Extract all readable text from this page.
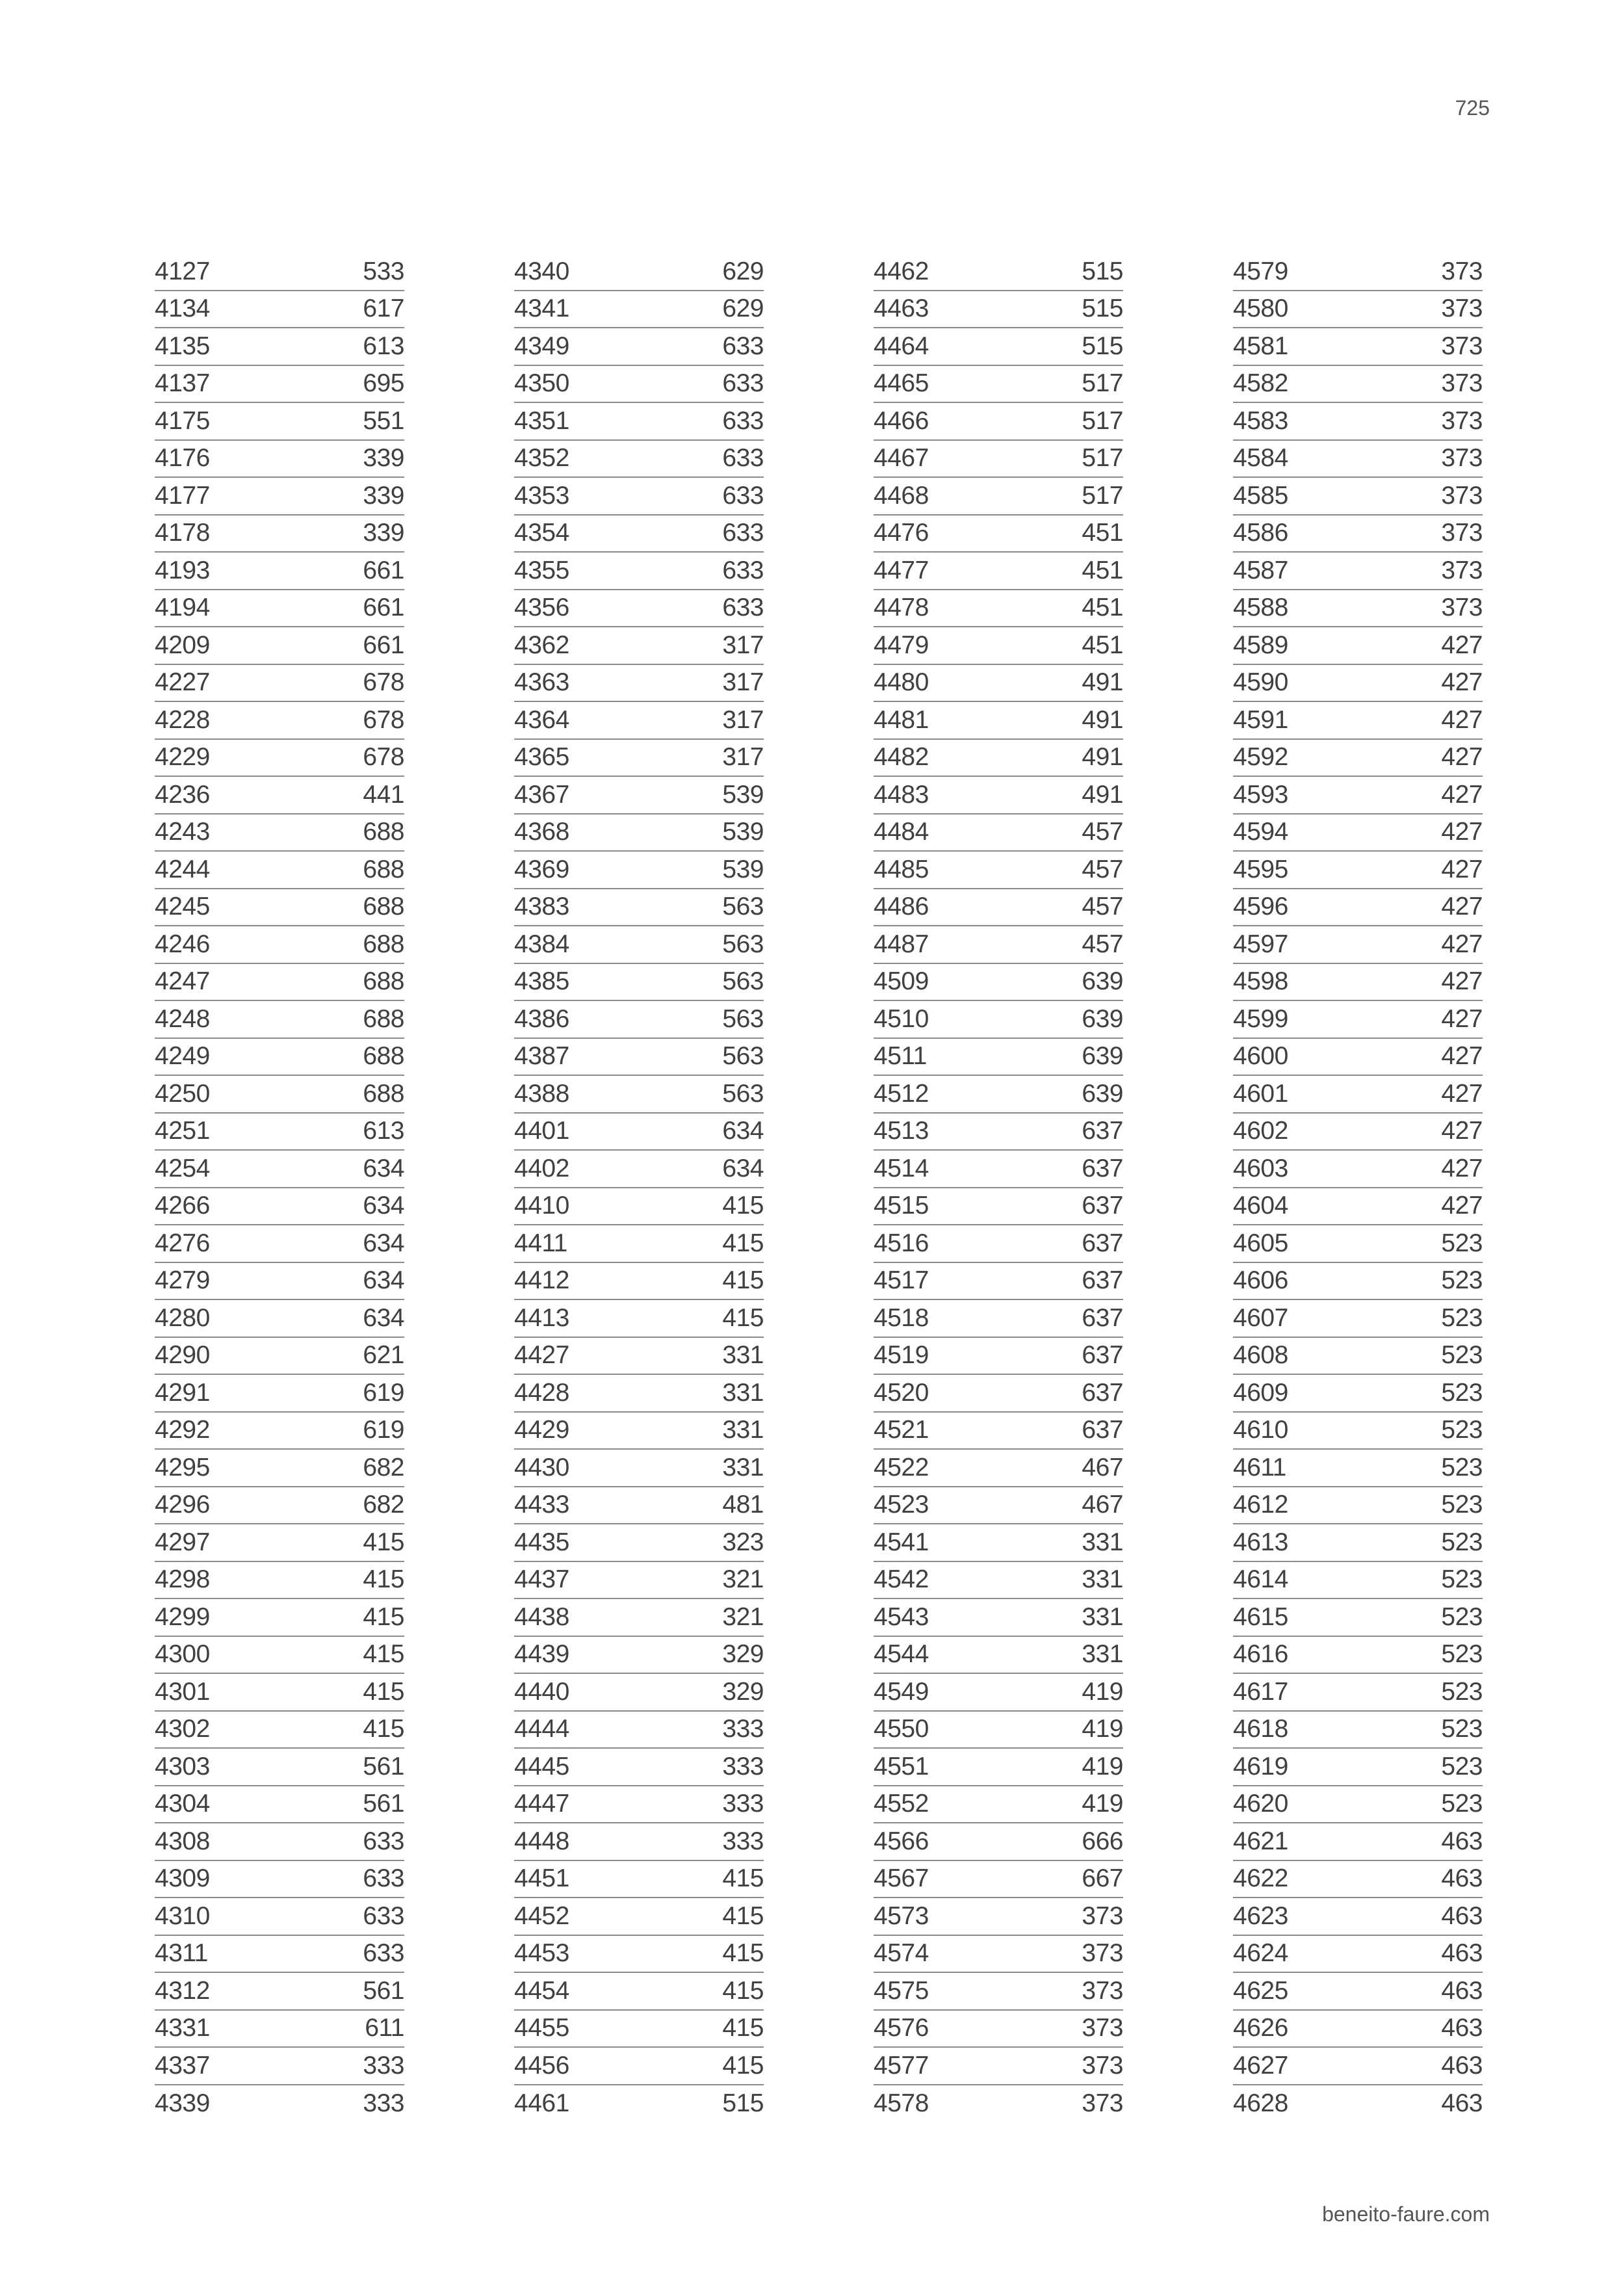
725
4127	533
4134	617
4135	613
4137	695
4175	551
4176	339
4177	339
4178	339
4193	661
4194	661
4209	661
4227	678
4228	678
4229	678
4236	441
4243	688
4244	688
4245	688
4246	688
4247	688
4248	688
4249	688
4250	688
4251	613
4254	634
4266	634
4276	634
4279	634
4280	634
4290	621
4291	619
4292	619
4295	682
4296	682
4297	415
4298	415
4299	415
4300	415
4301	415
4302	415
4303	561
4304	561
4308	633
4309	633
4310	633
4311	633
4312	561
4331	611
4337	333
4339	333
4340	629
4341	629
4349	633
4350	633
4351	633
4352	633
4353	633
4354	633
4355	633
4356	633
4362	317
4363	317
4364	317
4365	317
4367	539
4368	539
4369	539
4383	563
4384	563
4385	563
4386	563
4387	563
4388	563
4401	634
4402	634
4410	415
4411	415
4412	415
4413	415
4427	331
4428	331
4429	331
4430	331
4433	481
4435	323
4437	321
4438	321
4439	329
4440	329
4444	333
4445	333
4447	333
4448	333
4451	415
4452	415
4453	415
4454	415
4455	415
4456	415
4461	515
4462	515
4463	515
4464	515
4465	517
4466	517
4467	517
4468	517
4476	451
4477	451
4478	451
4479	451
4480	491
4481	491
4482	491
4483	491
4484	457
4485	457
4486	457
4487	457
4509	639
4510	639
4511	639
4512	639
4513	637
4514	637
4515	637
4516	637
4517	637
4518	637
4519	637
4520	637
4521	637
4522	467
4523	467
4541	331
4542	331
4543	331
4544	331
4549	419
4550	419
4551	419
4552	419
4566	666
4567	667
4573	373
4574	373
4575	373
4576	373
4577	373
4578	373
4579	373
4580	373
4581	373
4582	373
4583	373
4584	373
4585	373
4586	373
4587	373
4588	373
4589	427
4590	427
4591	427
4592	427
4593	427
4594	427
4595	427
4596	427
4597	427
4598	427
4599	427
4600	427
4601	427
4602	427
4603	427
4604	427
4605	523
4606	523
4607	523
4608	523
4609	523
4610	523
4611	523
4612	523
4613	523
4614	523
4615	523
4616	523
4617	523
4618	523
4619	523
4620	523
4621	463
4622	463
4623	463
4624	463
4625	463
4626	463
4627	463
4628	463
beneito-faure.com
